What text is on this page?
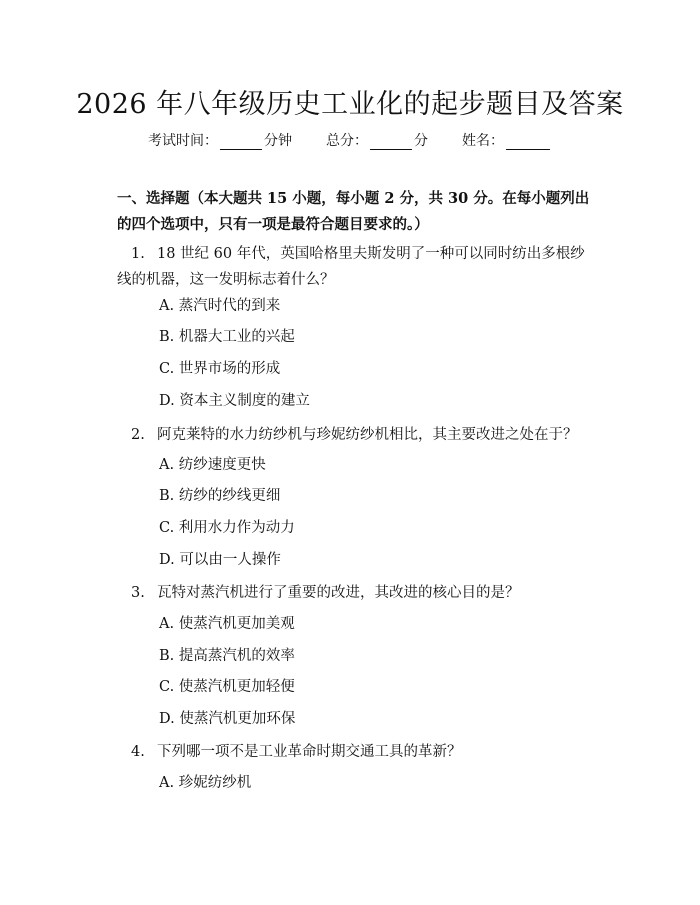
2026 年八年级历史工业化的起步题目及答案
考试时间：	分钟 总分：	分 姓名：
一、选择题（本大题共 15 小题，每小题 2 分，共 30 分。在每小题列出的四个选项中，只有一项是最符合题目要求的。）
1. 18 世纪 60 年代，英国哈格里夫斯发明了一种可以同时纺出多根纱线的机器，这一发明标志着什么？
A. 蒸汽时代的到来
B. 机器大工业的兴起
C. 世界市场的形成
D. 资本主义制度的建立
2. 阿克莱特的水力纺纱机与珍妮纺纱机相比，其主要改进之处在于？
A. 纺纱速度更快
B. 纺纱的纱线更细
C. 利用水力作为动力
D. 可以由一人操作
3. 瓦特对蒸汽机进行了重要的改进，其改进的核心目的是？
A. 使蒸汽机更加美观
B. 提高蒸汽机的效率
C. 使蒸汽机更加轻便
D. 使蒸汽机更加环保
4. 下列哪一项不是工业革命时期交通工具的革新？
A. 珍妮纺纱机
